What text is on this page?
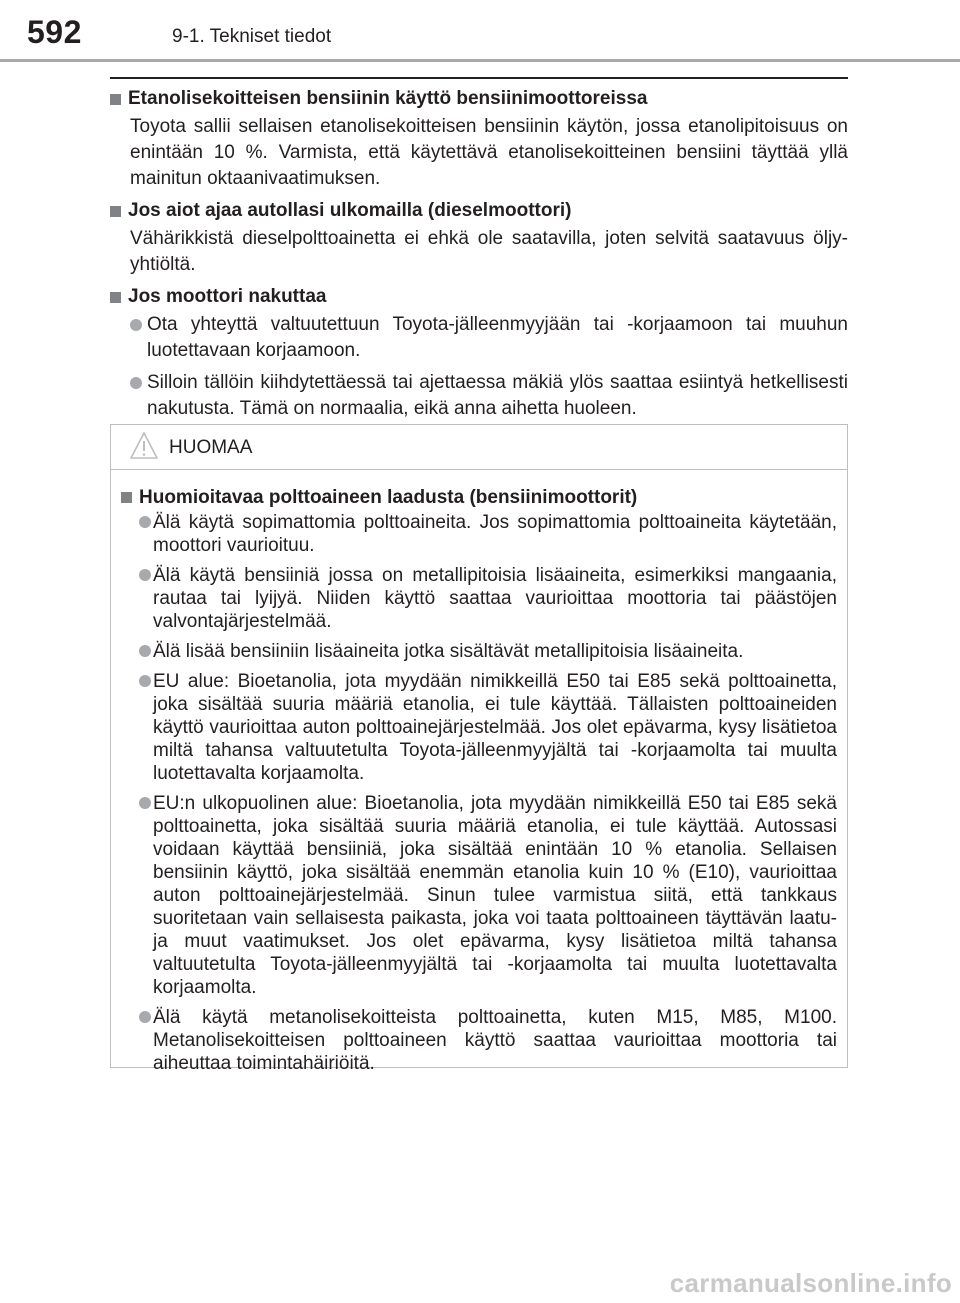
592	9-1. Tekniset tiedot
Etanolisekoitteisen bensiinin käyttö bensiinimoottoreissa
Toyota sallii sellaisen etanolisekoitteisen bensiinin käytön, jossa etanolipitoisuus on enintään 10 %. Varmista, että käytettävä etanolisekoitteinen bensiini täyttää yllä mainitun oktaanivaatimuksen.
Jos aiot ajaa autollasi ulkomailla (dieselmoottori)
Vähärikkistä dieselpolttoainetta ei ehkä ole saatavilla, joten selvitä saatavuus öljy-yhtiöltä.
Jos moottori nakuttaa
Ota yhteyttä valtuutettuun Toyota-jälleenmyyjään tai -korjaamoon tai muuhun luotettavaan korjaamoon.
Silloin tällöin kiihdytettäessä tai ajettaessa mäkiä ylös saattaa esiintyä hetkellisesti nakutusta. Tämä on normaalia, eikä anna aihetta huoleen.
HUOMAA
Huomioitavaa polttoaineen laadusta (bensiinimoottorit)
Älä käytä sopimattomia polttoaineita. Jos sopimattomia polttoaineita käytetään, moottori vaurioituu.
Älä käytä bensiiniä jossa on metallipitoisia lisäaineita, esimerkiksi mangaania, rautaa tai lyijyä. Niiden käyttö saattaa vaurioittaa moottoria tai päästöjen valvontajärjestelmää.
Älä lisää bensiiniin lisäaineita jotka sisältävät metallipitoisia lisäaineita.
EU alue: Bioetanolia, jota myydään nimikkeillä E50 tai E85 sekä polttoainetta, joka sisältää suuria määriä etanolia, ei tule käyttää. Tällaisten polttoaineiden käyttö vaurioittaa auton polttoainejärjestelmää. Jos olet epävarma, kysy lisätietoa miltä tahansa valtuutetulta Toyota-jälleenmyyjältä tai -korjaamolta tai muulta luotettavalta korjaamolta.
EU:n ulkopuolinen alue: Bioetanolia, jota myydään nimikkeillä E50 tai E85 sekä polttoainetta, joka sisältää suuria määriä etanolia, ei tule käyttää. Autossasi voidaan käyttää bensiiniä, joka sisältää enintään 10 % etanolia. Sellaisen bensiinin käyttö, joka sisältää enemmän etanolia kuin 10 % (E10), vaurioittaa auton polttoainejärjestelmää. Sinun tulee varmistua siitä, että tankkaus suoritetaan vain sellaisesta paikasta, joka voi taata polttoaineen täyttävän laatu- ja muut vaatimukset. Jos olet epävarma, kysy lisätietoa miltä tahansa valtuutetulta Toyota-jälleenmyyjältä tai -korjaamolta tai muulta luotettavalta korjaamolta.
Älä käytä metanolisekoitteista polttoainetta, kuten M15, M85, M100. Metanolisekoitteisen polttoaineen käyttö saattaa vaurioittaa moottoria tai aiheuttaa toimintahäiriöitä.
carmanualsonline.info
